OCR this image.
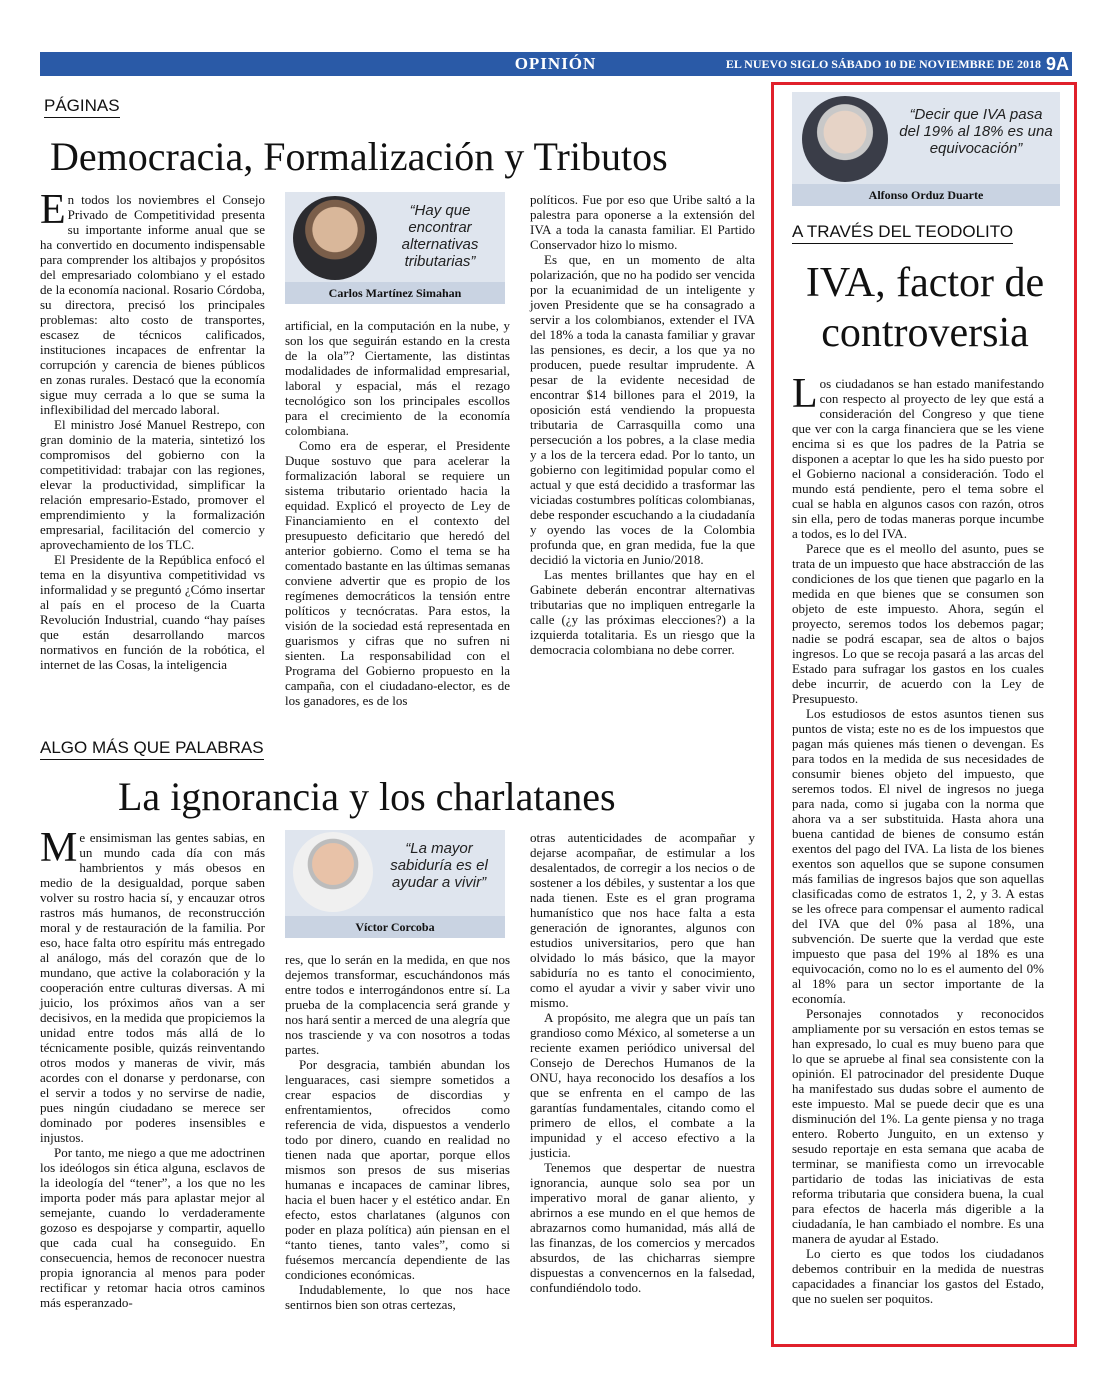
OPINIÓN	EL NUEVO SIGLO SÁBADO 10 DE NOVIEMBRE DE 2018 9A
PÁGINAS
Democracia, Formalización y Tributos

En todos los noviembres el Consejo Privado de Competitividad presenta su importante informe anual que se ha convertido en documento indispensable para comprender los altibajos y propósitos del empresariado colombiano y el estado de la economía nacional. Rosario Córdoba, su directora, precisó los principales problemas: alto costo de transportes, escasez de técnicos calificados, instituciones incapaces de enfrentar la corrupción y carencia de bienes públicos en zonas rurales. Destacó que la economía sigue muy cerrada a lo que se suma la inflexibilidad del mercado laboral.

El ministro José Manuel Restrepo, con gran dominio de la materia, sintetizó los compromisos del gobierno con la competitividad: trabajar con las regiones, elevar la productividad, simplificar la relación empresario-Estado, promover el emprendimiento y la formalización empresarial, facilitación del comercio y aprovechamiento de los TLC.

El Presidente de la República enfocó el tema en la disyuntiva competitividad vs informalidad y se preguntó ¿Cómo insertar al país en el proceso de la Cuarta Revolución Industrial, cuando “hay países que están desarrollando marcos normativos en función de la robótica, el internet de las Cosas, la inteligencia

“Hay que encontrar alternativas tributarias”
Carlos Martínez Simahan

artificial, en la computación en la nube, y son los que seguirán estando en la cresta de la ola”? Ciertamente, las distintas modalidades de informalidad empresarial, laboral y espacial, más el rezago tecnológico son los principales escollos para el crecimiento de la economía colombiana.

Como era de esperar, el Presidente Duque sostuvo que para acelerar la formalización laboral se requiere un sistema tributario orientado hacia la equidad. Explicó el proyecto de Ley de Financiamiento en el contexto del presupuesto deficitario que heredó del anterior gobierno. Como el tema se ha comentado bastante en las últimas semanas conviene advertir que es propio de los regímenes democráticos la tensión entre políticos y tecnócratas. Para estos, la visión de la sociedad está representada en guarismos y cifras que no sufren ni sienten. La responsabilidad con el Programa del Gobierno propuesto en la campaña, con el ciudadano-elector, es de los ganadores, es de los

políticos. Fue por eso que Uribe saltó a la palestra para oponerse a la extensión del IVA a toda la canasta familiar. El Partido Conservador hizo lo mismo.

Es que, en un momento de alta polarización, que no ha podido ser vencida por la ecuanimidad de un inteligente y joven Presidente que se ha consagrado a servir a los colombianos, extender el IVA del 18% a toda la canasta familiar y gravar las pensiones, es decir, a los que ya no producen, puede resultar imprudente. A pesar de la evidente necesidad de encontrar $14 billones para el 2019, la oposición está vendiendo la propuesta tributaria de Carrasquilla como una persecución a los pobres, a la clase media y a los de la tercera edad. Por lo tanto, un gobierno con legitimidad popular como el actual y que está decidido a trasformar las viciadas costumbres políticas colombianas, debe responder escuchando a la ciudadanía y oyendo las voces de la Colombia profunda que, en gran medida, fue la que decidió la victoria en Junio/2018.

Las mentes brillantes que hay en el Gabinete deberán encontrar alternativas tributarias que no impliquen entregarle la calle (¿y las próximas elecciones?) a la izquierda totalitaria. Es un riesgo que la democracia colombiana no debe correr.

ALGO MÁS QUE PALABRAS
La ignorancia y los charlatanes

Me ensimisman las gentes sabias, en un mundo cada día con más hambrientos y más obesos en medio de la desigualdad, porque saben volver su rostro hacia sí, y encauzar otros rastros más humanos, de reconstrucción moral y de restauración de la familia. Por eso, hace falta otro espíritu más entregado al análogo, más del corazón que de lo mundano, que active la colaboración y la cooperación entre culturas diversas. A mi juicio, los próximos años van a ser decisivos, en la medida que propiciemos la unidad entre todos más allá de lo técnicamente posible, quizás reinventando otros modos y maneras de vivir, más acordes con el donarse y perdonarse, con el servir a todos y no servirse de nadie, pues ningún ciudadano se merece ser dominado por poderes insensibles e injustos.

Por tanto, me niego a que me adoctrinen los ideólogos sin ética alguna, esclavos de la ideología del “tener”, a los que no les importa poder más para aplastar mejor al semejante, cuando lo verdaderamente gozoso es despojarse y compartir, aquello que cada cual ha conseguido. En consecuencia, hemos de reconocer nuestra propia ignorancia al menos para poder rectificar y retomar hacia otros caminos más esperanzado-

“La mayor sabiduría es el ayudar a vivir”
Víctor Corcoba

res, que lo serán en la medida, en que nos dejemos transformar, escuchándonos más entre todos e interrogándonos entre sí. La prueba de la complacencia será grande y nos hará sentir a merced de una alegría que nos trasciende y va con nosotros a todas partes.

Por desgracia, también abundan los lenguaraces, casi siempre sometidos a crear espacios de discordias y enfrentamientos, ofrecidos como referencia de vida, dispuestos a venderlo todo por dinero, cuando en realidad no tienen nada que aportar, porque ellos mismos son presos de sus miserias humanas e incapaces de caminar libres, hacia el buen hacer y el estético andar. En efecto, estos charlatanes (algunos con poder en plaza política) aún piensan en el “tanto tienes, tanto vales”, como si fuésemos mercancía dependiente de las condiciones económicas.

Indudablemente, lo que nos hace sentirnos bien son otras certezas,

otras autenticidades de acompañar y dejarse acompañar, de estimular a los desalentados, de corregir a los necios o de sostener a los débiles, y sustentar a los que nada tienen. Este es el gran programa humanístico que nos hace falta a esta generación de ignorantes, algunos con estudios universitarios, pero que han olvidado lo más básico, que la mayor sabiduría no es tanto el conocimiento, como el ayudar a vivir y saber vivir uno mismo.

A propósito, me alegra que un país tan grandioso como México, al someterse a un reciente examen periódico universal del Consejo de Derechos Humanos de la ONU, haya reconocido los desafíos a los que se enfrenta en el campo de las garantías fundamentales, citando como el primero de ellos, el combate a la impunidad y el acceso efectivo a la justicia.

Tenemos que despertar de nuestra ignorancia, aunque solo sea por un imperativo moral de ganar aliento, y abrirnos a ese mundo en el que hemos de abrazarnos como humanidad, más allá de las finanzas, de los comercios y mercados absurdos, de las chicharras siempre dispuestas a convencernos en la falsedad, confundiéndolo todo.

“Decir que IVA pasa del 19% al 18% es una equivocación”
Alfonso Orduz Duarte
A TRAVÉS DEL TEODOLITO
IVA, factor de
controversia

Los ciudadanos se han estado manifestando con respecto al proyecto de ley que está a consideración del Congreso y que tiene que ver con la carga financiera que se les viene encima si es que los padres de la Patria se disponen a aceptar lo que les ha sido puesto por el Gobierno nacional a consideración. Todo el mundo está pendiente, pero el tema sobre el cual se habla en algunos casos con razón, otros sin ella, pero de todas maneras porque incumbe a todos, es lo del IVA.

Parece que es el meollo del asunto, pues se trata de un impuesto que hace abstracción de las condiciones de los que tienen que pagarlo en la medida en que bienes que se consumen son objeto de este impuesto. Ahora, según el proyecto, seremos todos los debemos pagar; nadie se podrá escapar, sea de altos o bajos ingresos. Lo que se recoja pasará a las arcas del Estado para sufragar los gastos en los cuales debe incurrir, de acuerdo con la Ley de Presupuesto.

Los estudiosos de estos asuntos tienen sus puntos de vista; este no es de los impuestos que pagan más quienes más tienen o devengan. Es para todos en la medida de sus necesidades de consumir bienes objeto del impuesto, que seremos todos. El nivel de ingresos no juega para nada, como si jugaba con la norma que ahora va a ser substituida. Hasta ahora una buena cantidad de bienes de consumo están exentos del pago del IVA. La lista de los bienes exentos son aquellos que se supone consumen más familias de ingresos bajos que son aquellas clasificadas como de estratos 1, 2, y 3. A estas se les ofrece para compensar el aumento radical del IVA que del 0% pasa al 18%, una subvención. De suerte que la verdad que este impuesto que pasa del 19% al 18% es una equivocación, como no lo es el aumento del 0% al 18% para un sector importante de la economía.

Personajes connotados y reconocidos ampliamente por su versación en estos temas se han expresado, lo cual es muy bueno para que lo que se apruebe al final sea consistente con la opinión. El patrocinador del presidente Duque ha manifestado sus dudas sobre el aumento de este impuesto. Mal se puede decir que es una disminución del 1%. La gente piensa y no traga entero. Roberto Junguito, en un extenso y sesudo reportaje en esta semana que acaba de terminar, se manifiesta como un irrevocable partidario de todas las iniciativas de esta reforma tributaria que considera buena, la cual para efectos de hacerla más digerible a la ciudadanía, le han cambiado el nombre. Es una manera de ayudar al Estado.

Lo cierto es que todos los ciudadanos debemos contribuir en la medida de nuestras capacidades a financiar los gastos del Estado, que no suelen ser poquitos.
